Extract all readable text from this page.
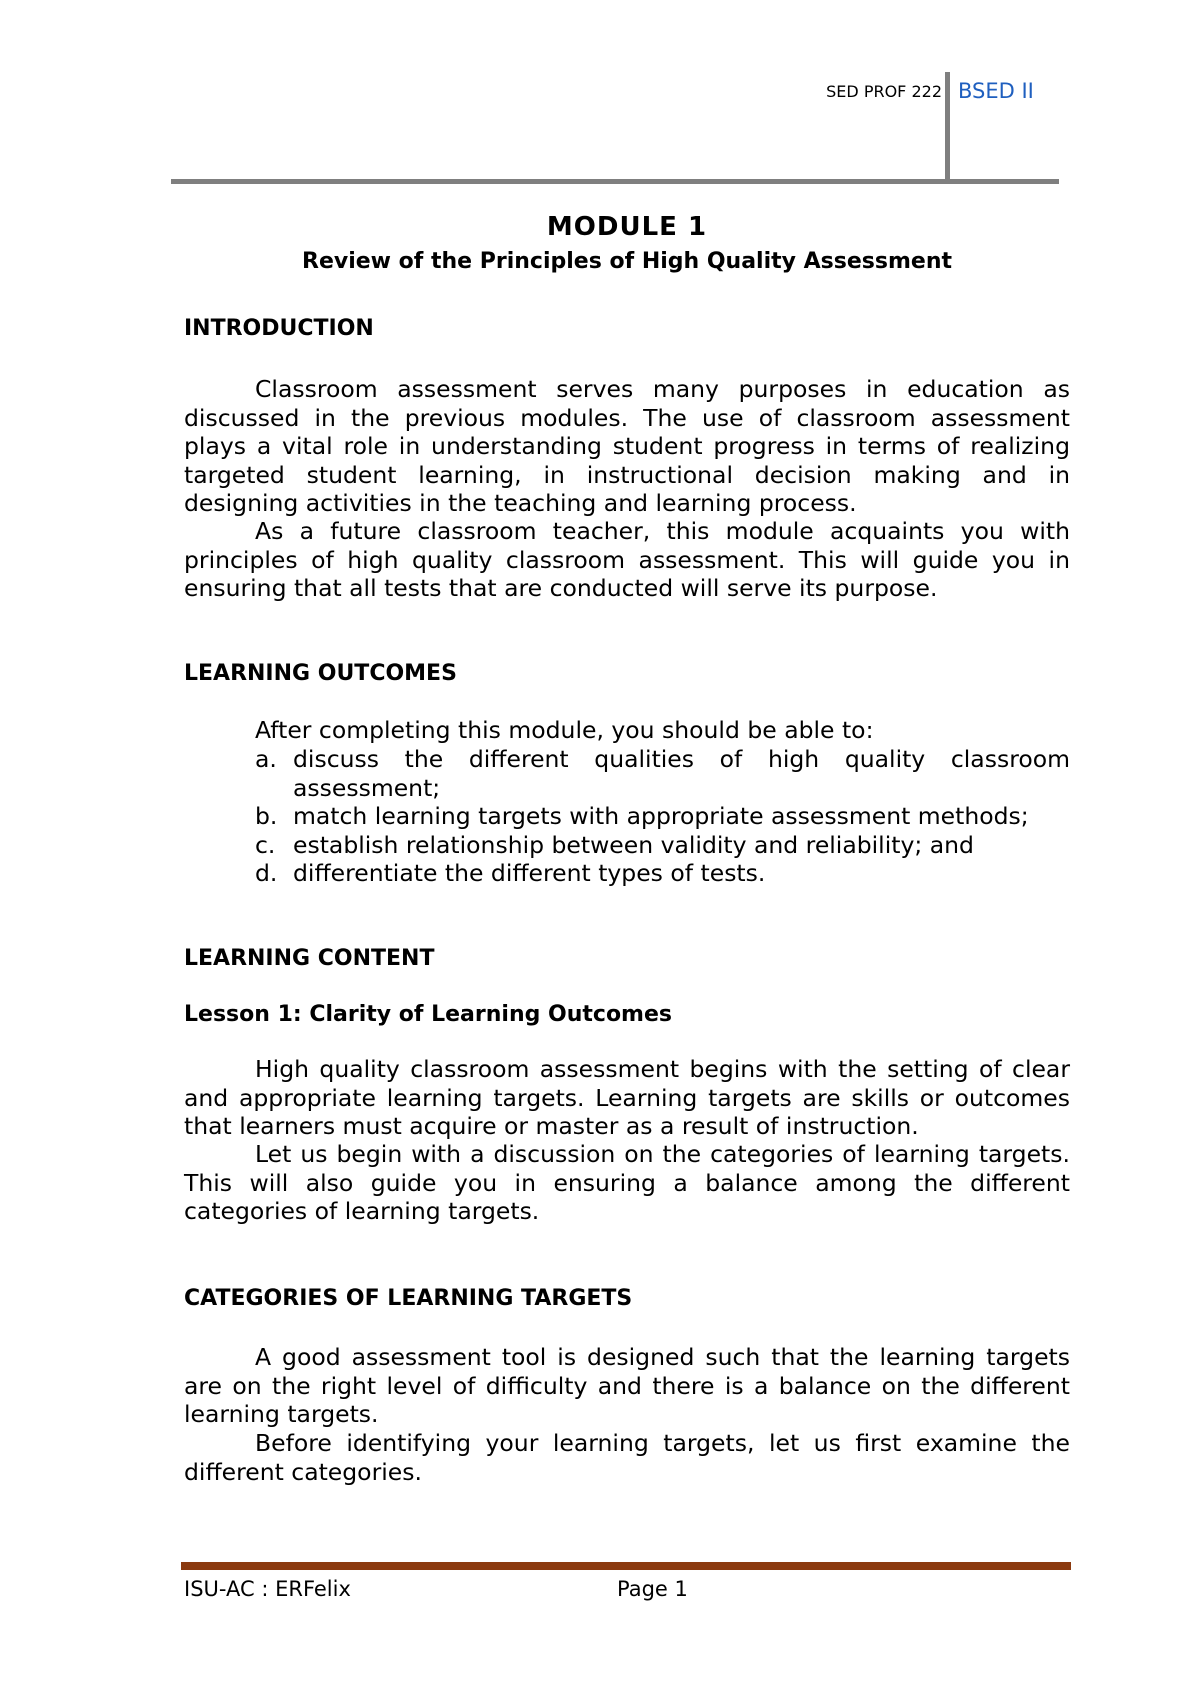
SED PROF 222 BSED II
MODULE 1
Review of the Principles of High Quality Assessment
INTRODUCTION

Classroom assessment serves many purposes in education as discussed in the previous modules. The use of classroom assessment plays a vital role in understanding student progress in terms of realizing targeted student learning, in instructional decision making and in designing activities in the teaching and learning process.

As a future classroom teacher, this module acquaints you with principles of high quality classroom assessment. This will guide you in ensuring that all tests that are conducted will serve its purpose.

LEARNING OUTCOMES

After completing this module, you should be able to:

a. discuss the different qualities of high quality classroom assessment;
b. match learning targets with appropriate assessment methods;
c. establish relationship between validity and reliability; and
d. differentiate the different types of tests.
LEARNING CONTENT
Lesson 1: Clarity of Learning Outcomes

High quality classroom assessment begins with the setting of clear and appropriate learning targets. Learning targets are skills or outcomes that learners must acquire or master as a result of instruction.

Let us begin with a discussion on the categories of learning targets. This will also guide you in ensuring a balance among the different categories of learning targets.

CATEGORIES OF LEARNING TARGETS

A good assessment tool is designed such that the learning targets are on the right level of difficulty and there is a balance on the different learning targets.

Before identifying your learning targets, let us first examine the different categories.

ISU-AC : ERFelix	Page 1
